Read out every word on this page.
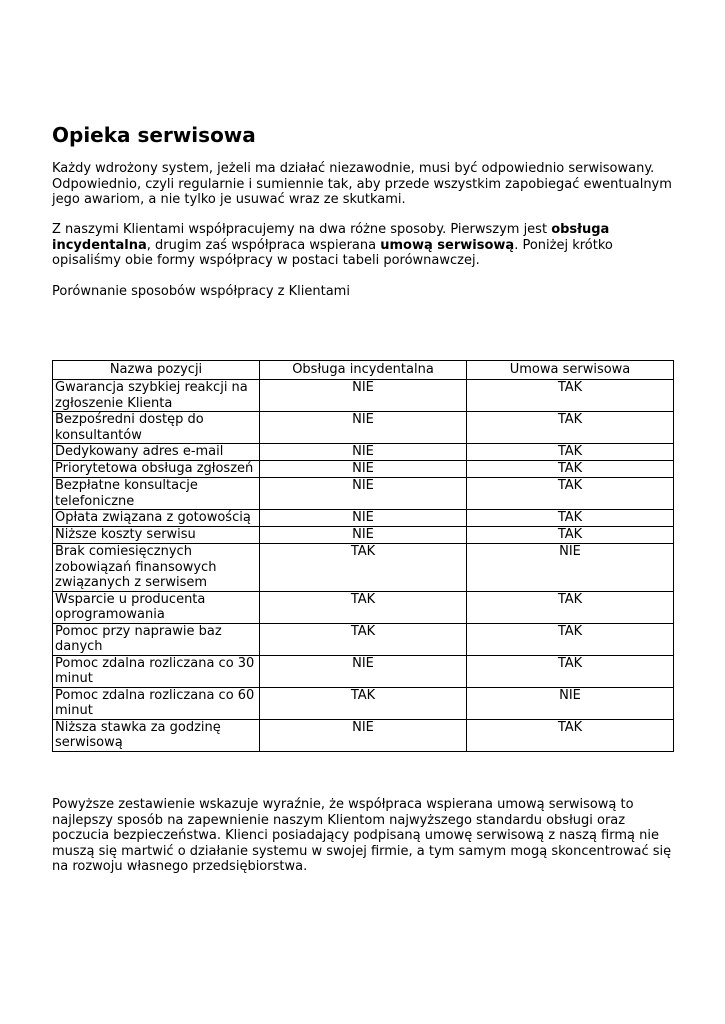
Opieka serwisowa

Każdy wdrożony system, jeżeli ma działać niezawodnie, musi być odpowiednio serwisowany. Odpowiednio, czyli regularnie i sumiennie tak, aby przede wszystkim zapobiegać ewentualnym jego awariom, a nie tylko je usuwać wraz ze skutkami.

Z naszymi Klientami współpracujemy na dwa różne sposoby. Pierwszym jest obsługa incydentalna, drugim zaś współpraca wspierana umową serwisową. Poniżej krótko opisaliśmy obie formy współpracy w postaci tabeli porównawczej.

Porównanie sposobów współpracy z Klientami

Nazwa pozycji	Obsługa incydentalna	Umowa serwisowa
Gwarancja szybkiej reakcji na zgłoszenie Klienta	NIE	TAK
Bezpośredni dostęp do konsultantów	NIE	TAK
Dedykowany adres e-mail	NIE	TAK
Priorytetowa obsługa zgłoszeń	NIE	TAK
Bezpłatne konsultacje telefoniczne	NIE	TAK
Opłata związana z gotowością	NIE	TAK
Niższe koszty serwisu	NIE	TAK
Brak comiesięcznych zobowiązań finansowych związanych z serwisem	TAK	NIE
Wsparcie u producenta oprogramowania	TAK	TAK
Pomoc przy naprawie baz danych	TAK	TAK
Pomoc zdalna rozliczana co 30 minut	NIE	TAK
Pomoc zdalna rozliczana co 60 minut	TAK	NIE
Niższa stawka za godzinę serwisową	NIE	TAK

Powyższe zestawienie wskazuje wyraźnie, że współpraca wspierana umową serwisową to najlepszy sposób na zapewnienie naszym Klientom najwyższego standardu obsługi oraz poczucia bezpieczeństwa. Klienci posiadający podpisaną umowę serwisową z naszą firmą nie muszą się martwić o działanie systemu w swojej firmie, a tym samym mogą skoncentrować się na rozwoju własnego przedsiębiorstwa.
